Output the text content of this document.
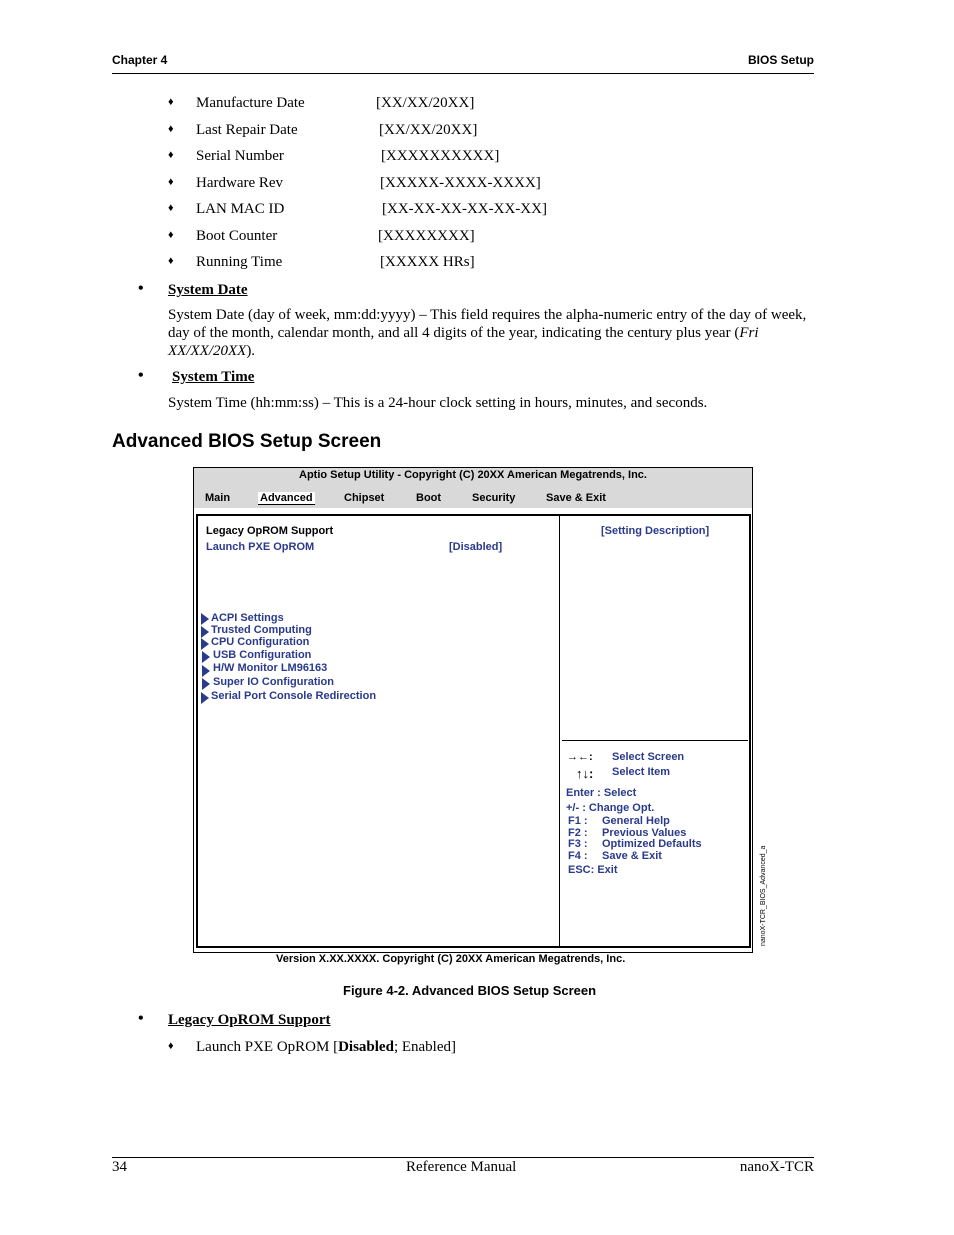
Chapter 4	BIOS Setup
♦ Manufacture Date	[XX/XX/20XX]
♦ Last Repair Date	[XX/XX/20XX]
♦ Serial Number	[XXXXXXXXXX]
♦ Hardware Rev	[XXXXX-XXXX-XXXX]
♦ LAN MAC ID	[XX-XX-XX-XX-XX-XX]
♦ Boot Counter	[XXXXXXXX]
♦ Running Time	[XXXXX HRs]
• System Date
System Date (day of week, mm:dd:yyyy) – This field requires the alpha-numeric entry of the day of week, day of the month, calendar month, and all 4 digits of the year, indicating the century plus year (Fri XX/XX/20XX).
• System Time
System Time (hh:mm:ss) – This is a 24-hour clock setting in hours, minutes, and seconds.
Advanced BIOS Setup Screen
Aptio Setup Utility - Copyright (C) 20XX American Megatrends, Inc.
Main	Advanced	Chipset	Boot	Security	Save & Exit
Legacy OpROM Support
Launch PXE OpROM	[Disabled]
[Setting Description]
ACPI Settings
Trusted Computing
CPU Configuration
USB Configuration
H/W Monitor LM96163
Super IO Configuration
Serial Port Console Redirection
→←: Select Screen
↑↓: Select Item
Enter : Select
+/- : Change Opt.
F1 : General Help
F2 : Previous Values
F3 : Optimized Defaults
F4 : Save & Exit
ESC: Exit	nanoX-TCR_BIOS_Advanced_a
Version X.XX.XXXX. Copyright (C) 20XX American Megatrends, Inc.
Figure 4-2. Advanced BIOS Setup Screen
• Legacy OpROM Support
♦ Launch PXE OpROM [Disabled; Enabled]
34	Reference Manual	nanoX-TCR
